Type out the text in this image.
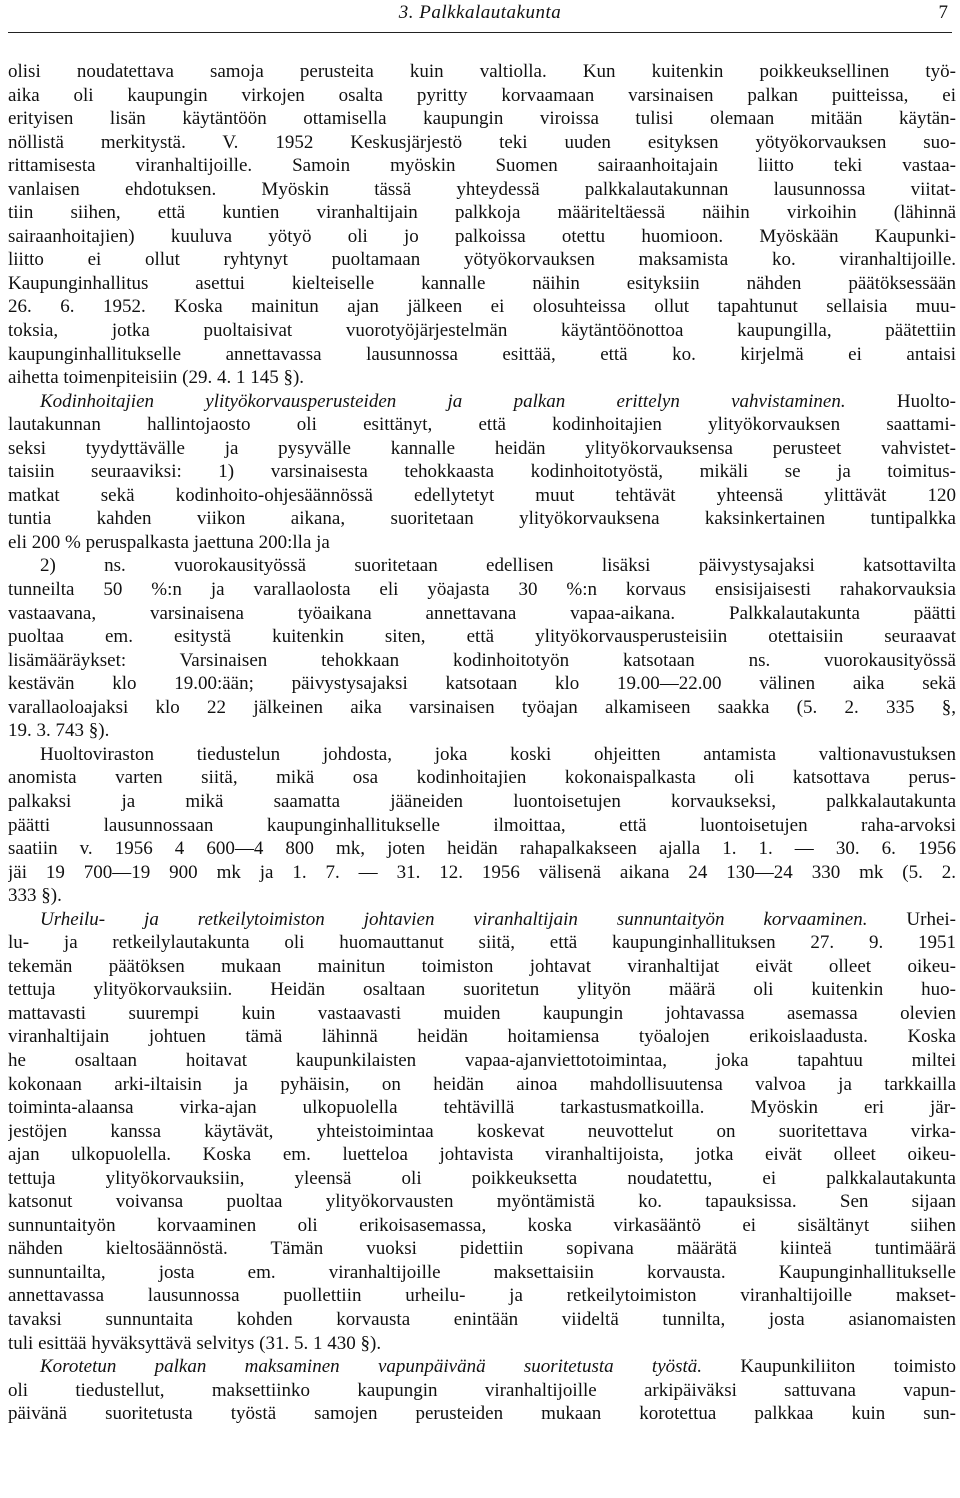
3. Palkkalautakunta	7
olisi noudatettava samoja perusteita kuin valtiolla. Kun kuitenkin poikkeuksellinen työ-
aika oli kaupungin virkojen osalta pyritty korvaamaan varsinaisen palkan puitteissa, ei
erityisen lisän käytäntöön ottamisella kaupungin viroissa tulisi olemaan mitään käytän-
nöllistä merkitystä. V. 1952 Keskusjärjestö teki uuden esityksen yötyökorvauksen suo-
rittamisesta viranhaltijoille. Samoin myöskin Suomen sairaanhoitajain liitto teki vastaa-
vanlaisen ehdotuksen. Myöskin tässä yhteydessä palkkalautakunnan lausunnossa viitat-
tiin siihen, että kuntien viranhaltijain palkkoja määriteltäessä näihin virkoihin (lähinnä
sairaanhoitajien) kuuluva yötyö oli jo palkoissa otettu huomioon. Myöskään Kaupunki-
liitto ei ollut ryhtynyt puoltamaan yötyökorvauksen maksamista ko. viranhaltijoille.
Kaupunginhallitus asettui kielteiselle kannalle näihin esityksiin nähden päätöksessään
26. 6. 1952. Koska mainitun ajan jälkeen ei olosuhteissa ollut tapahtunut sellaisia muu-
toksia, jotka puoltaisivat vuorotyöjärjestelmän käytäntöönottoa kaupungilla, päätettiin
kaupunginhallitukselle annettavassa lausunnossa esittää, että ko. kirjelmä ei antaisi
aihetta toimenpiteisiin (29. 4. 1 145 §).
Kodinhoitajien ylityökorvausperusteiden ja palkan erittelyn vahvistaminen. Huolto-
lautakunnan hallintojaosto oli esittänyt, että kodinhoitajien ylityökorvauksen saattami-
seksi tyydyttävälle ja pysyvälle kannalle heidän ylityökorvauksensa perusteet vahvistet-
taisiin seuraaviksi: 1) varsinaisesta tehokkaasta kodinhoitotyöstä, mikäli se ja toimitus-
matkat sekä kodinhoito-ohjesäännössä edellytetyt muut tehtävät yhteensä ylittävät 120
tuntia kahden viikon aikana, suoritetaan ylityökorvauksena kaksinkertainen tuntipalkka
eli 200 % peruspalkasta jaettuna 200:lla ja
2) ns. vuorokausityössä suoritetaan edellisen lisäksi päivystysajaksi katsottavilta
tunneilta 50 %:n ja varallaolosta eli yöajasta 30 %:n korvaus ensisijaisesti rahakorvauksia
vastaavana, varsinaisena työaikana annettavana vapaa-aikana. Palkkalautakunta päätti
puoltaa em. esitystä kuitenkin siten, että ylityökorvausperusteisiin otettaisiin seuraavat
lisämääräykset: Varsinaisen tehokkaan kodinhoitotyön katsotaan ns. vuorokausityössä
kestävän klo 19.00:ään; päivystysajaksi katsotaan klo 19.00—22.00 välinen aika sekä
varallaoloajaksi klo 22 jälkeinen aika varsinaisen työajan alkamiseen saakka (5. 2. 335 §,
19. 3. 743 §).
Huoltoviraston tiedustelun johdosta, joka koski ohjeitten antamista valtionavustuksen
anomista varten siitä, mikä osa kodinhoitajien kokonaispalkasta oli katsottava perus-
palkaksi ja mikä saamatta jääneiden luontoisetujen korvaukseksi, palkkalautakunta
päätti lausunnossaan kaupunginhallitukselle ilmoittaa, että luontoisetujen raha-arvoksi
saatiin v. 1956 4 600—4 800 mk, joten heidän rahapalkakseen ajalla 1. 1. — 30. 6. 1956
jäi 19 700—19 900 mk ja 1. 7. — 31. 12. 1956 välisenä aikana 24 130—24 330 mk (5. 2.
333 §).
Urheilu- ja retkeilytoimiston johtavien viranhaltijain sunnuntaityön korvaaminen. Urhei-
lu- ja retkeilylautakunta oli huomauttanut siitä, että kaupunginhallituksen 27. 9. 1951
tekemän päätöksen mukaan mainitun toimiston johtavat viranhaltijat eivät olleet oikeu-
tettuja ylityökorvauksiin. Heidän osaltaan suoritetun ylityön määrä oli kuitenkin huo-
mattavasti suurempi kuin vastaavasti muiden kaupungin johtavassa asemassa olevien
viranhaltijain johtuen tämä lähinnä heidän hoitamiensa työalojen erikoislaadusta. Koska
he osaltaan hoitavat kaupunkilaisten vapaa-ajanviettotoimintaa, joka tapahtuu miltei
kokonaan arki-iltaisin ja pyhäisin, on heidän ainoa mahdollisuutensa valvoa ja tarkkailla
toiminta-alaansa virka-ajan ulkopuolella tehtävillä tarkastusmatkoilla. Myöskin eri jär-
jestöjen kanssa käytävät, yhteistoimintaa koskevat neuvottelut on suoritettava virka-
ajan ulkopuolella. Koska em. luetteloa johtavista viranhaltijoista, jotka eivät olleet oikeu-
tettuja ylityökorvauksiin, yleensä oli poikkeuksetta noudatettu, ei palkkalautakunta
katsonut voivansa puoltaa ylityökorvausten myöntämistä ko. tapauksissa. Sen sijaan
sunnuntaityön korvaaminen oli erikoisasemassa, koska virkasääntö ei sisältänyt siihen
nähden kieltosäännöstä. Tämän vuoksi pidettiin sopivana määrätä kiinteä tuntimäärä
sunnuntailta, josta em. viranhaltijoille maksettaisiin korvausta. Kaupunginhallitukselle
annettavassa lausunnossa puollettiin urheilu- ja retkeilytoimiston viranhaltijoille makset-
tavaksi sunnuntaita kohden korvausta enintään viideltä tunnilta, josta asianomaisten
tuli esittää hyväksyttävä selvitys (31. 5. 1 430 §).
Korotetun palkan maksaminen vapunpäivänä suoritetusta työstä. Kaupunkiliiton toimisto
oli tiedustellut, maksettiinko kaupungin viranhaltijoille arkipäiväksi sattuvana vapun-
päivänä suoritetusta työstä samojen perusteiden mukaan korotettua palkkaa kuin sun-
